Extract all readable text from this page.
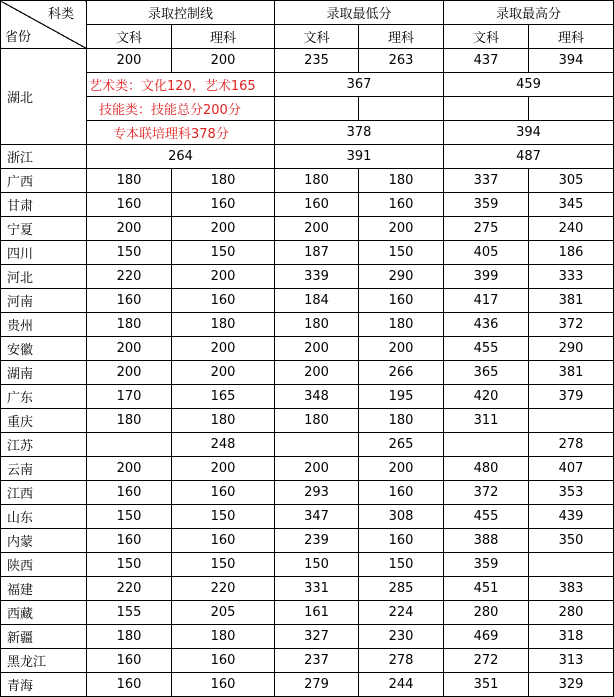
科类
省份	录取控制线		录取最低分		录取最高分	
	文科	理科	文科	理科	文科	理科
湖北	200	200	235	263	437	394
	艺术类：文化120，艺术165		367		459	
	技能类：技能总分200分					
	专本联培理科378分		378		394	
浙江	264		391		487	
广西	180	180	180	180	337	305
甘肃	160	160	160	160	359	345
宁夏	200	200	200	200	275	240
四川	150	150	187	150	405	186
河北	220	200	339	290	399	333
河南	160	160	184	160	417	381
贵州	180	180	180	180	436	372
安徽	200	200	200	200	455	290
湖南	200	200	200	266	365	381
广东	170	165	348	195	420	379
重庆	180	180	180	180	311	
江苏		248		265		278
云南	200	200	200	200	480	407
江西	160	160	293	160	372	353
山东	150	150	347	308	455	439
内蒙	160	160	239	160	388	350
陕西	150	150	150	150	359	
福建	220	220	331	285	451	383
西藏	155	205	161	224	280	280
新疆	180	180	327	230	469	318
黑龙江	160	160	237	278	272	313
青海	160	160	279	244	351	329
